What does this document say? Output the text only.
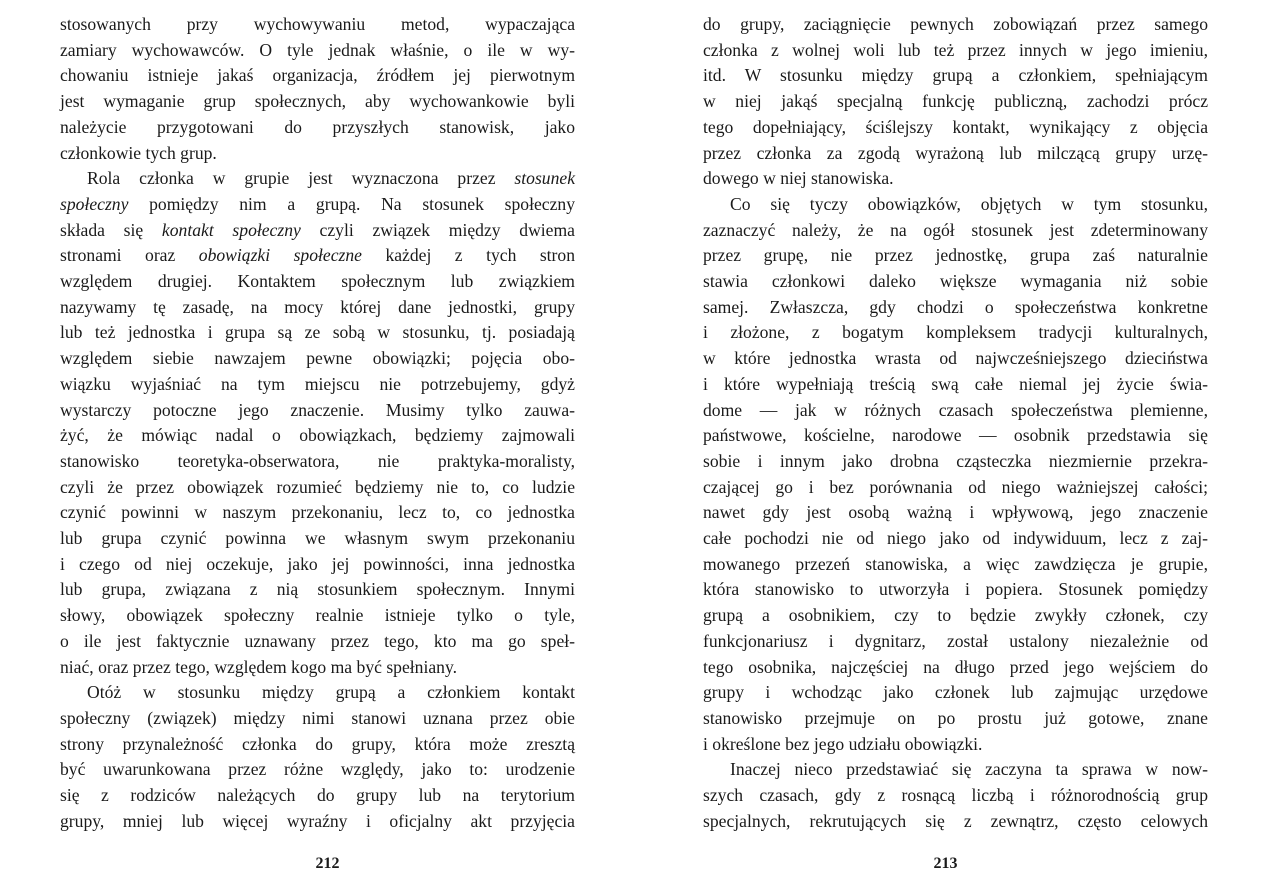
stosowanych przy wychowywaniu metod, wypaczająca
zamiary wychowawców. O tyle jednak właśnie, o ile w wy-
chowaniu istnieje jakaś organizacja, źródłem jej pierwotnym
jest wymaganie grup społecznych, aby wychowankowie byli
należycie przygotowani do przyszłych stanowisk, jako
członkowie tych grup.
Rola członka w grupie jest wyznaczona przez stosunek
społeczny pomiędzy nim a grupą. Na stosunek społeczny
składa się kontakt społeczny czyli związek między dwiema
stronami oraz obowiązki społeczne każdej z tych stron
względem drugiej. Kontaktem społecznym lub związkiem
nazywamy tę zasadę, na mocy której dane jednostki, grupy
lub też jednostka i grupa są ze sobą w stosunku, tj. posiadają
względem siebie nawzajem pewne obowiązki; pojęcia obo-
wiązku wyjaśniać na tym miejscu nie potrzebujemy, gdyż
wystarczy potoczne jego znaczenie. Musimy tylko zauwa-
żyć, że mówiąc nadal o obowiązkach, będziemy zajmowali
stanowisko teoretyka-obserwatora, nie praktyka-moralisty,
czyli że przez obowiązek rozumieć będziemy nie to, co ludzie
czynić powinni w naszym przekonaniu, lecz to, co jednostka
lub grupa czynić powinna we własnym swym przekonaniu
i czego od niej oczekuje, jako jej powinności, inna jednostka
lub grupa, związana z nią stosunkiem społecznym. Innymi
słowy, obowiązek społeczny realnie istnieje tylko o tyle,
o ile jest faktycznie uznawany przez tego, kto ma go speł-
niać, oraz przez tego, względem kogo ma być spełniany.
Otóż w stosunku między grupą a członkiem kontakt
społeczny (związek) między nimi stanowi uznana przez obie
strony przynależność członka do grupy, która może zresztą
być uwarunkowana przez różne względy, jako to: urodzenie
się z rodziców należących do grupy lub na terytorium
grupy, mniej lub więcej wyraźny i oficjalny akt przyjęcia
212
do grupy, zaciągnięcie pewnych zobowiązań przez samego
członka z wolnej woli lub też przez innych w jego imieniu,
itd. W stosunku między grupą a członkiem, spełniającym
w niej jakąś specjalną funkcję publiczną, zachodzi prócz
tego dopełniający, ściślejszy kontakt, wynikający z objęcia
przez członka za zgodą wyrażoną lub milczącą grupy urzę-
dowego w niej stanowiska.
Co się tyczy obowiązków, objętych w tym stosunku,
zaznaczyć należy, że na ogół stosunek jest zdeterminowany
przez grupę, nie przez jednostkę, grupa zaś naturalnie
stawia członkowi daleko większe wymagania niż sobie
samej. Zwłaszcza, gdy chodzi o społeczeństwa konkretne
i złożone, z bogatym kompleksem tradycji kulturalnych,
w które jednostka wrasta od najwcześniejszego dzieciństwa
i które wypełniają treścią swą całe niemal jej życie świa-
dome — jak w różnych czasach społeczeństwa plemienne,
państwowe, kościelne, narodowe — osobnik przedstawia się
sobie i innym jako drobna cząsteczka niezmiernie przekra-
czającej go i bez porównania od niego ważniejszej całości;
nawet gdy jest osobą ważną i wpływową, jego znaczenie
całe pochodzi nie od niego jako od indywiduum, lecz z zaj-
mowanego przezeń stanowiska, a więc zawdzięcza je grupie,
która stanowisko to utworzyła i popiera. Stosunek pomiędzy
grupą a osobnikiem, czy to będzie zwykły członek, czy
funkcjonariusz i dygnitarz, został ustalony niezależnie od
tego osobnika, najczęściej na długo przed jego wejściem do
grupy i wchodząc jako członek lub zajmując urzędowe
stanowisko przejmuje on po prostu już gotowe, znane
i określone bez jego udziału obowiązki.
Inaczej nieco przedstawiać się zaczyna ta sprawa w now-
szych czasach, gdy z rosnącą liczbą i różnorodnością grup
specjalnych, rekrutujących się z zewnątrz, często celowych
213
